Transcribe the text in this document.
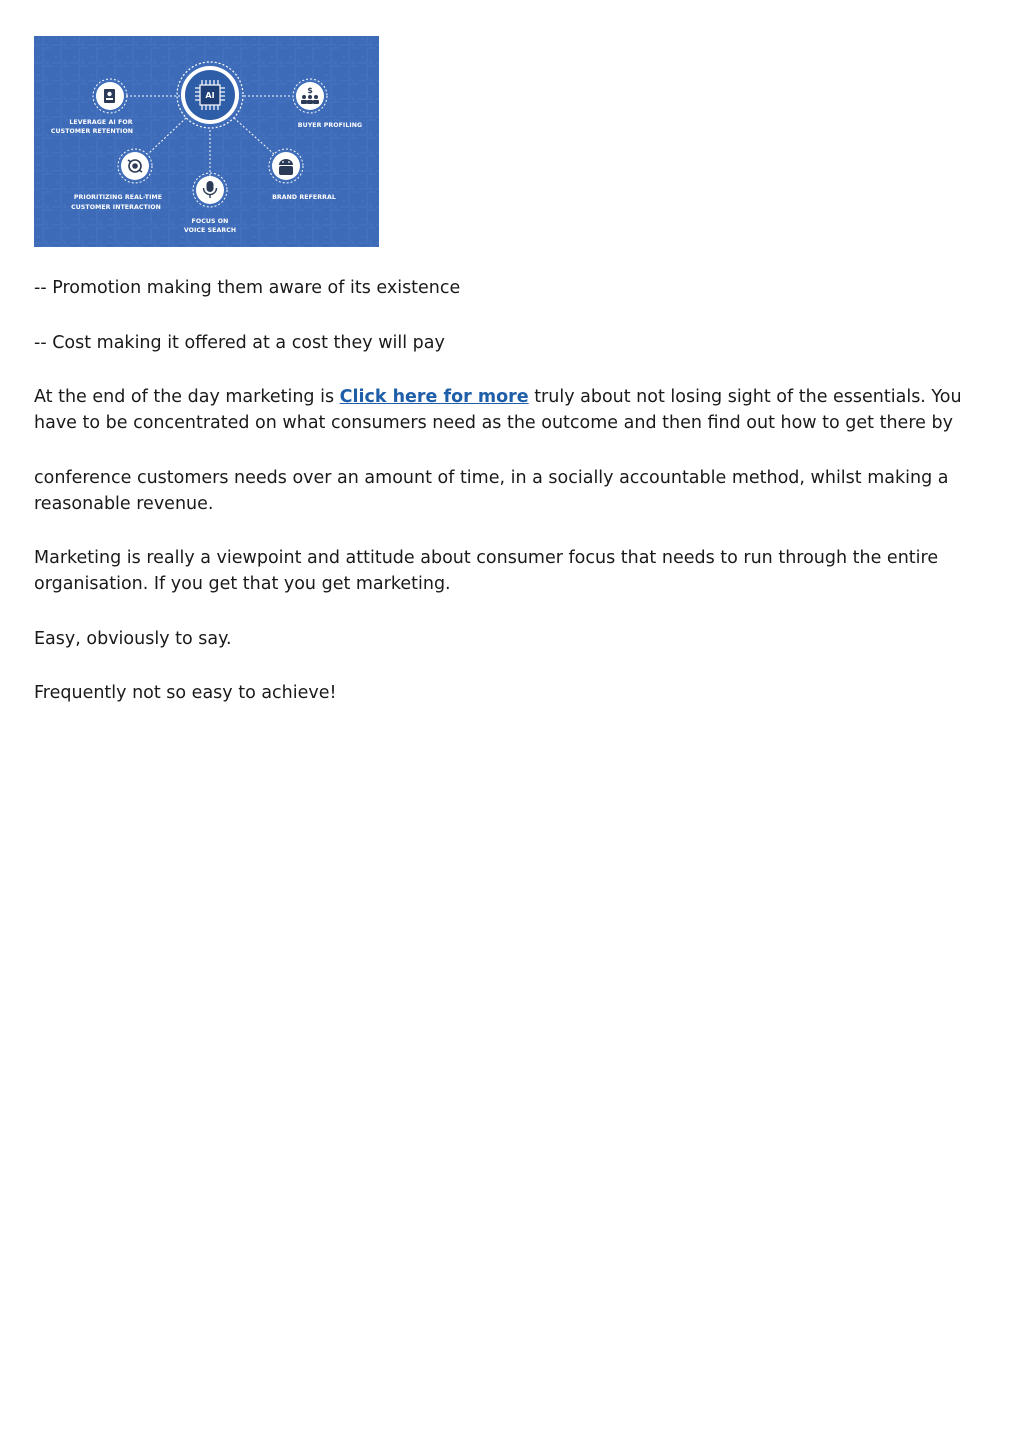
AI
LEVERAGE AI FOR
CUSTOMER RETENTION
$
BUYER PROFILING
PRIORITIZING REAL-TIME
CUSTOMER INTERACTION
BRAND REFERRAL
FOCUS ON
VOICE SEARCH

-- Promotion making them aware of its existence

-- Cost making it offered at a cost they will pay

At the end of the day marketing is Click here for more truly about not losing sight of the essentials. You have to be concentrated on what consumers need as the outcome and then find out how to get there by

conference customers needs over an amount of time, in a socially accountable method, whilst making a reasonable revenue.

Marketing is really a viewpoint and attitude about consumer focus that needs to run through the entire organisation. If you get that you get marketing.

Easy, obviously to say.

Frequently not so easy to achieve!
